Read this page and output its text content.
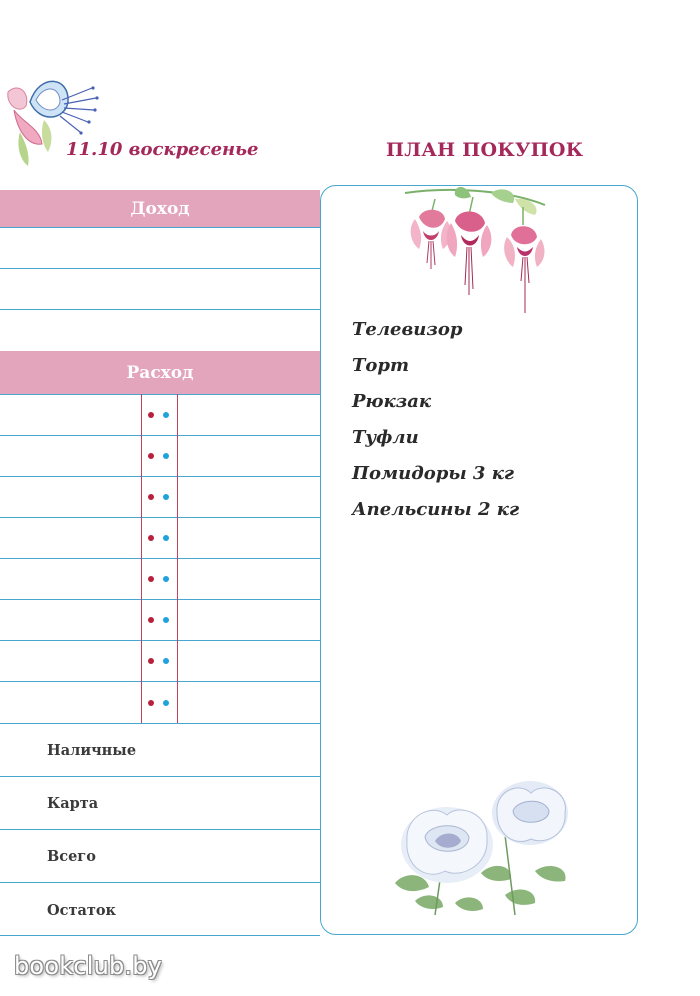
11.10 воскресенье	ПЛАН ПОКУПОК
Доход
Расход
Наличные
Карта
Всего
Остаток
Телевизор
Торт
Рюкзак
Туфли
Помидоры 3 кг
Апельсины 2 кг
bookclub.by
